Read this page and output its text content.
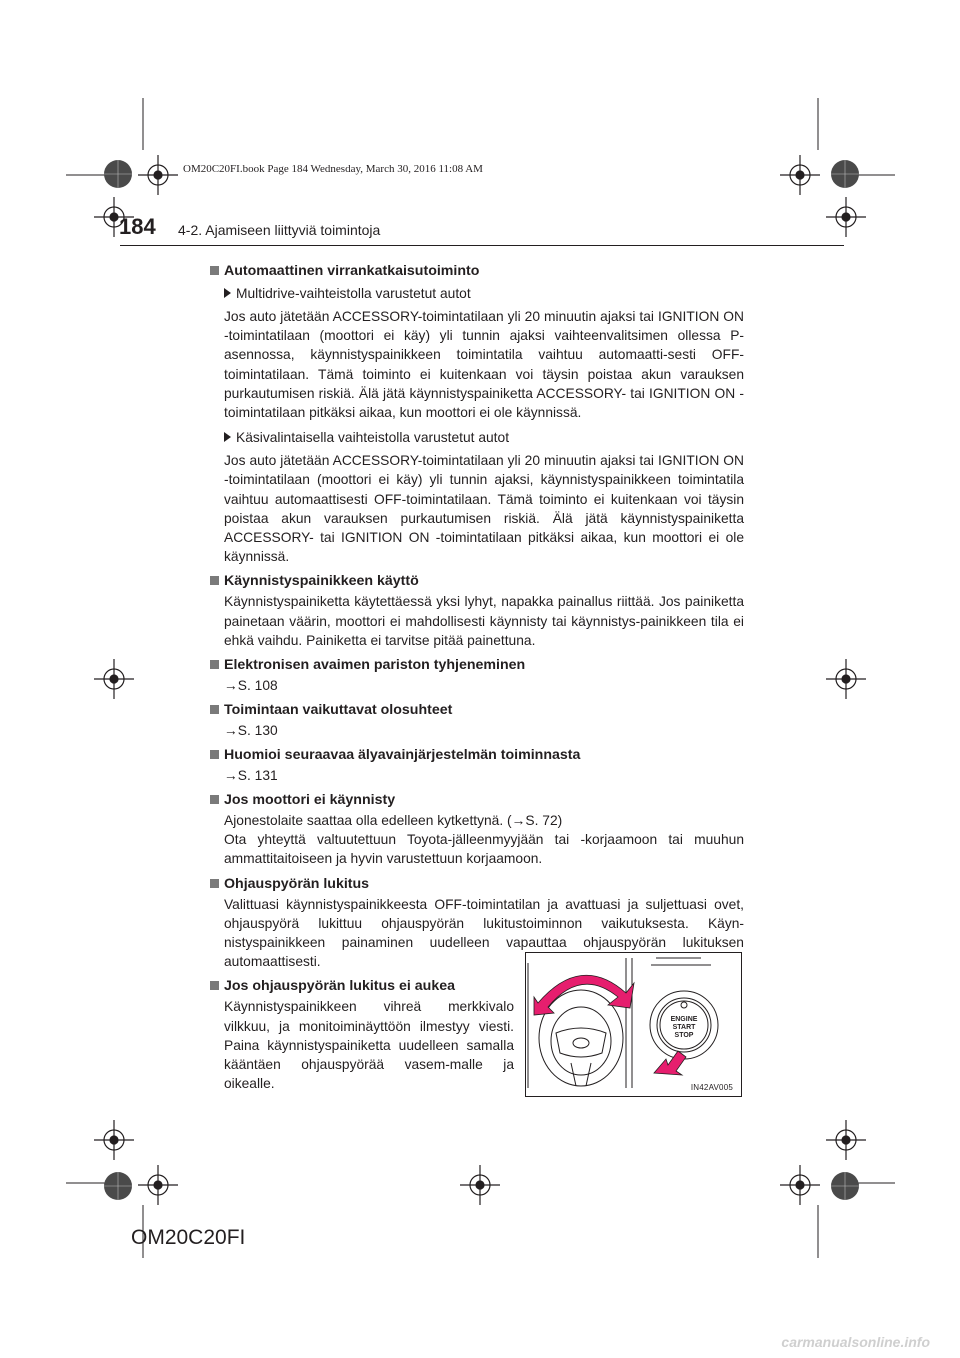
OM20C20FI.book Page 184 Wednesday, March 30, 2016 11:08 AM
184 4-2. Ajamiseen liittyviä toimintoja
Automaattinen virrankatkaisutoiminto
Multidrive-vaihteistolla varustetut autot
Jos auto jätetään ACCESSORY-toimintatilaan yli 20 minuutin ajaksi tai IGNITION ON -toimintatilaan (moottori ei käy) yli tunnin ajaksi vaihteenvalitsimen ollessa P-asennossa, käynnistyspainikkeen toimintatila vaihtuu automaatti-sesti OFF-toimintatilaan. Tämä toiminto ei kuitenkaan voi täysin poistaa akun varauksen purkautumisen riskiä. Älä jätä käynnistyspainiketta ACCESSORY- tai IGNITION ON -toimintatilaan pitkäksi aikaa, kun moottori ei ole käynnissä.
Käsivalintaisella vaihteistolla varustetut autot
Jos auto jätetään ACCESSORY-toimintatilaan yli 20 minuutin ajaksi tai IGNITION ON -toimintatilaan (moottori ei käy) yli tunnin ajaksi, käynnistyspainikkeen toimintatila vaihtuu automaattisesti OFF-toimintatilaan. Tämä toiminto ei kuitenkaan voi täysin poistaa akun varauksen purkautumisen riskiä. Älä jätä käynnistyspainiketta ACCESSORY- tai IGNITION ON -toimintatilaan pitkäksi aikaa, kun moottori ei ole käynnissä.
Käynnistyspainikkeen käyttö
Käynnistyspainiketta käytettäessä yksi lyhyt, napakka painallus riittää. Jos painiketta painetaan väärin, moottori ei mahdollisesti käynnisty tai käynnistys-painikkeen tila ei ehkä vaihdu. Painiketta ei tarvitse pitää painettuna.
Elektronisen avaimen pariston tyhjeneminen
→S. 108
Toimintaan vaikuttavat olosuhteet
→S. 130
Huomioi seuraavaa älyavainjärjestelmän toiminnasta
→S. 131
Jos moottori ei käynnisty
Ajonestolaite saattaa olla edelleen kytkettynä. (→S. 72)
Ota yhteyttä valtuutettuun Toyota-jälleenmyyjään tai -korjaamoon tai muuhun ammattitaitoiseen ja hyvin varustettuun korjaamoon.
Ohjauspyörän lukitus
Valittuasi käynnistyspainikkeesta OFF-toimintatilan ja avattuasi ja suljettuasi ovet, ohjauspyörä lukittuu ohjauspyörän lukitustoiminnon vaikutuksesta. Käyn-nistyspainikkeen painaminen uudelleen vapauttaa ohjauspyörän lukituksen automaattisesti.
Jos ohjauspyörän lukitus ei aukea
Käynnistyspainikkeen vihreä merkkivalo vilkkuu, ja monitoiminäyttöön ilmestyy viesti. Paina käynnistyspainiketta uudelleen samalla kääntäen ohjauspyörää vasem-malle ja oikealle.
ENGINE
START
STOP
IN42AV005
OM20C20FI
carmanualsonline.info
